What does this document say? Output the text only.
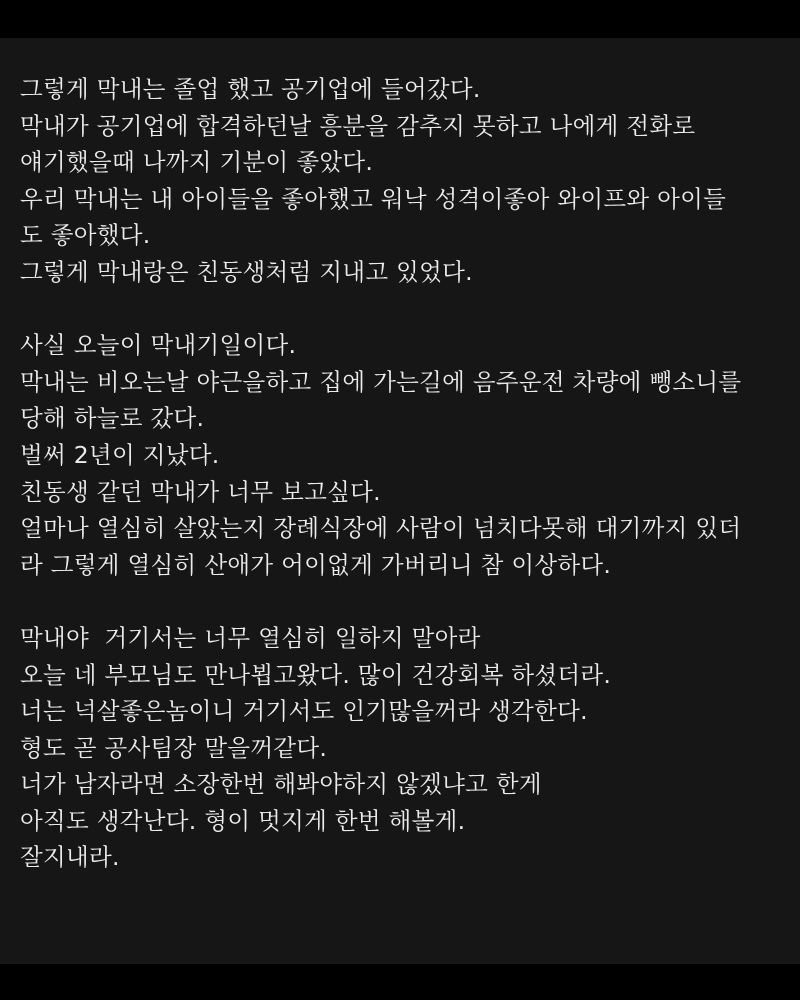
그렇게 막내는 졸업 했고 공기업에 들어갔다.
막내가 공기업에 합격하던날 흥분을 감추지 못하고 나에게 전화로
얘기했을때 나까지 기분이 좋았다.
우리 막내는 내 아이들을 좋아했고 워낙 성격이좋아 와이프와 아이들
도 좋아했다.
그렇게 막내랑은 친동생처럼 지내고 있었다.
사실 오늘이 막내기일이다.
막내는 비오는날 야근을하고 집에 가는길에 음주운전 차량에 뺑소니를
당해 하늘로 갔다.
벌써 2년이 지났다.
친동생 같던 막내가 너무 보고싶다.
얼마나 열심히 살았는지 장례식장에 사람이 넘치다못해 대기까지 있더
라 그렇게 열심히 산애가 어이없게 가버리니 참 이상하다.
막내야  거기서는 너무 열심히 일하지 말아라
오늘 네 부모님도 만나뵙고왔다. 많이 건강회복 하셨더라.
너는 넉살좋은놈이니 거기서도 인기많을꺼라 생각한다.
형도 곧 공사팀장 말을꺼같다.
너가 남자라면 소장한번 해봐야하지 않겠냐고 한게
아직도 생각난다. 형이 멋지게 한번 해볼게.
잘지내라.
